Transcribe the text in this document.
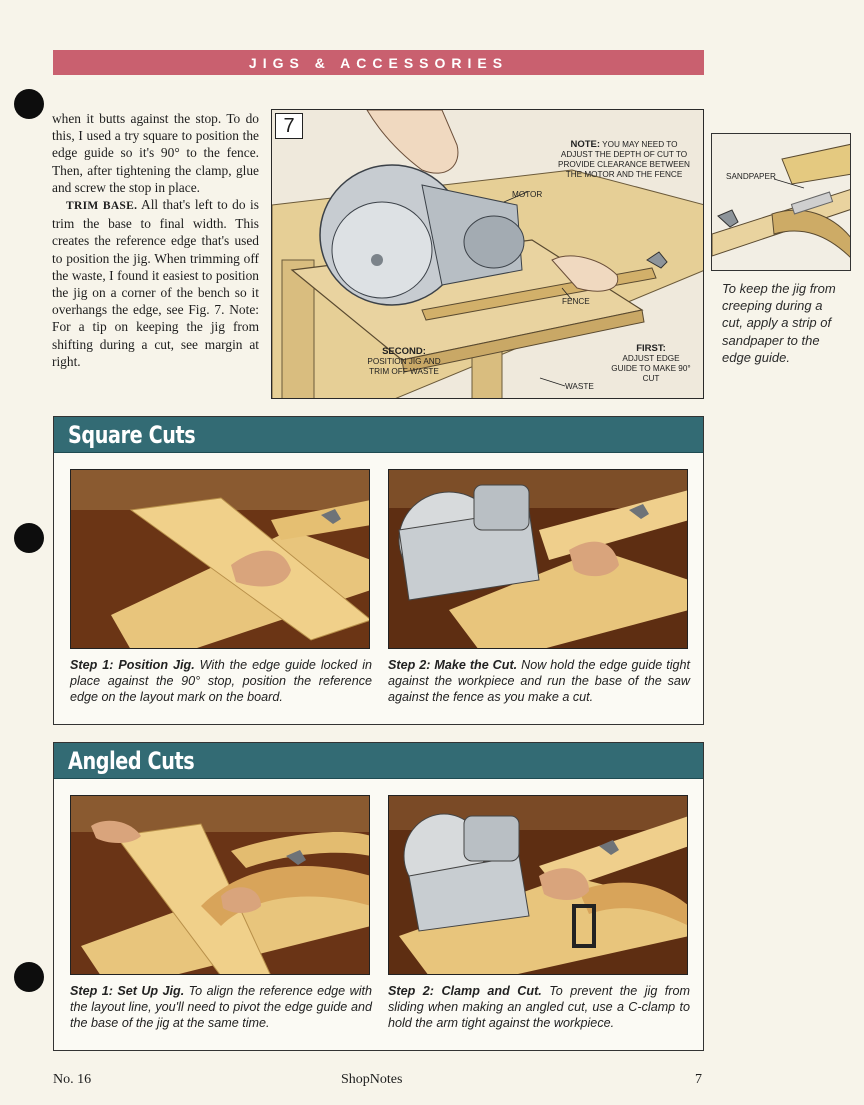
JIGS & ACCESSORIES

when it butts against the stop. To do this, I used a try square to position the edge guide so it's 90° to the fence. Then, after tightening the clamp, glue and screw the stop in place.

TRIM BASE. All that's left to do is trim the base to final width. This creates the reference edge that's used to position the jig. When trimming off the waste, I found it easiest to position the jig on a corner of the bench so it overhangs the edge, see Fig. 7. Note: For a tip on keeping the jig from shifting during a cut, see margin at right.

7
NOTE: YOU MAY NEED TO ADJUST THE DEPTH OF CUT TO PROVIDE CLEARANCE BETWEEN THE MOTOR AND THE FENCE
MOTOR
FENCE
WASTE
SECOND:
POSITION JIG AND TRIM OFF WASTE
FIRST:
ADJUST EDGE GUIDE TO MAKE 90° CUT
SANDPAPER
To keep the jig from creeping during a cut, apply a strip of sandpaper to the edge guide.
Square Cuts
Step 1: Position Jig. With the edge guide locked in place against the 90° stop, position the reference edge on the layout mark on the board.
Step 2: Make the Cut. Now hold the edge guide tight against the workpiece and run the base of the saw against the fence as you make a cut.
Angled Cuts
Step 1: Set Up Jig. To align the reference edge with the layout line, you'll need to pivot the edge guide and the base of the jig at the same time.
Step 2: Clamp and Cut. To prevent the jig from sliding when making an angled cut, use a C-clamp to hold the arm tight against the workpiece.
No. 16	ShopNotes	7
